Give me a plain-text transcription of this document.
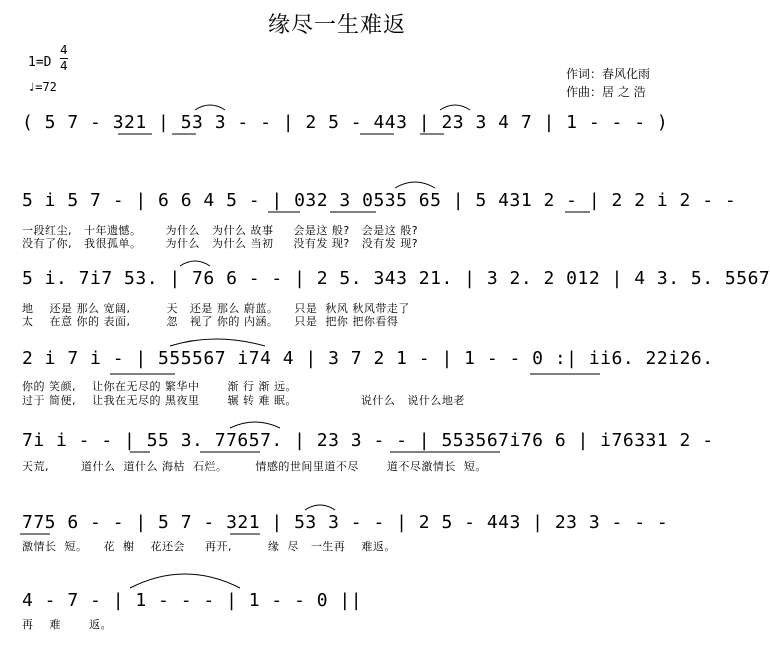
缘尽一生难返
1=D
4
4
♩=72
作词：春风化雨
作曲：居 之 浩
( 5 7 - 321 | 53 3 - - | 2 5 - 443 | 23 3 4 7 | 1 - - - )
5 i 5 7 - | 6 6 4 5 - | 032 3 0535 65 | 5 431 2 - | 2 2 i 2 - -
一段红尘,   十年遗憾。      为什么   为什么 故事     会是这 般?   会是这 般?
没有了你,   我很孤单。      为什么   为什么 当初     没有发 现?   没有发 现?
5 i. 7i7 53. | 76 6 - - | 2 5. 343 21. | 3 2. 2 012 | 4 3. 5. 5567
地    还是 那么 宽阔,         天   还是 那么 蔚蓝。    只是  秋风 秋风带走了
太    在意 你的 表面,         忽   视了 你的 内涵。    只是  把你 把你看得
2 i 7 i - | 555567 i74 4 | 3 7 2 1 - | 1 - - 0 :| ii6. 22i26.
你的 笑颜,    让你在无尽的 繁华中       渐 行 渐 远。
过于 简便,    让我在无尽的 黑夜里       辗 转 难 眠。                说什么   说什么地老
7i i - - | 55 3. 77657. | 23 3 - - | 553567i76 6 | i76331 2 -
天荒,        道什么  道什么 海枯  石烂。       情感的世间里道不尽       道不尽激情长  短。
775 6 - - | 5 7 - 321 | 53 3 - - | 2 5 - 443 | 23 3 - - -
激情长  短。    花  榭    花还会     再开,         缘  尽   一生再    难返。
4 - 7 - | 1 - - - | 1 - - 0 ||
再    难       返。
